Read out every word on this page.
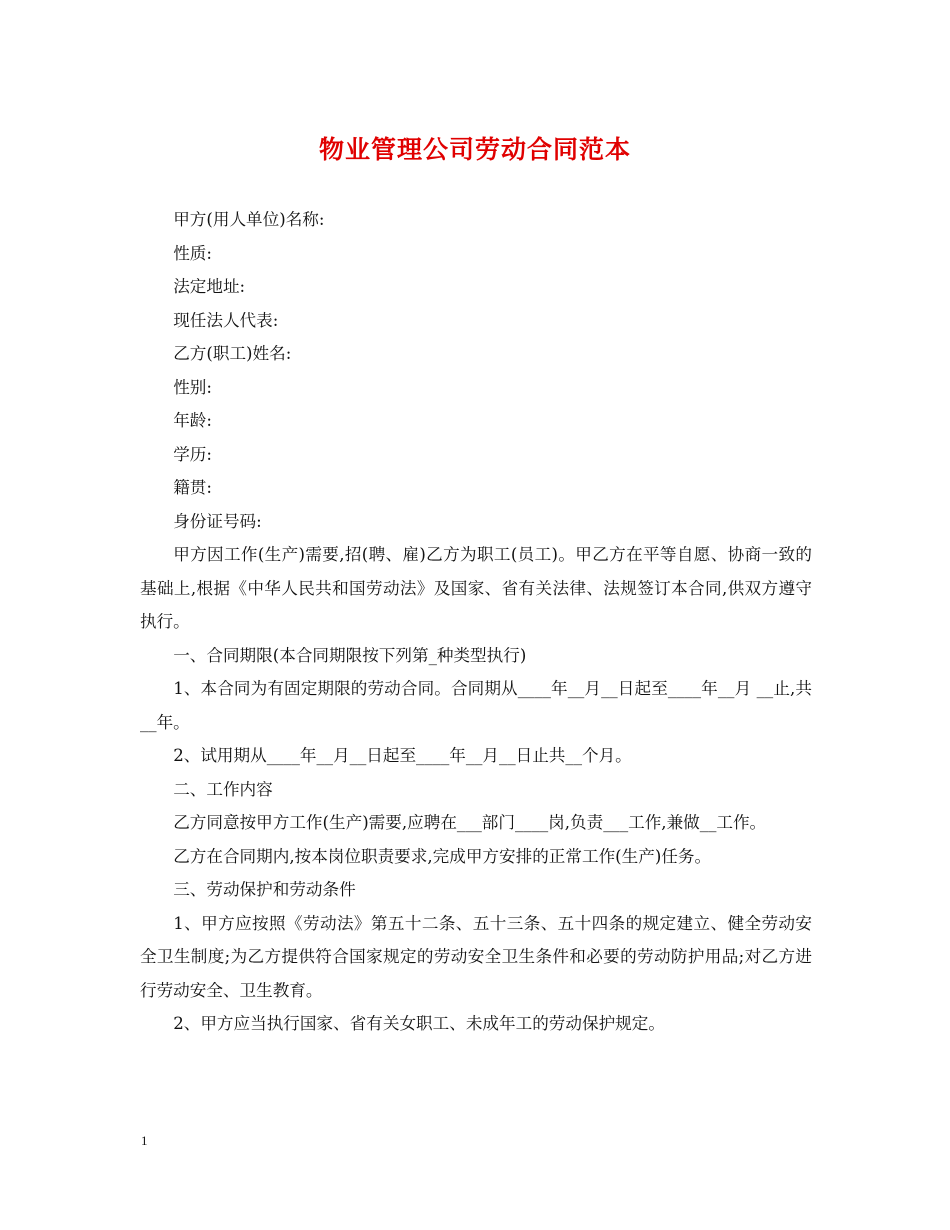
物业管理公司劳动合同范本

甲方(用人单位)名称:

性质:

法定地址:

现任法人代表:

乙方(职工)姓名:

性别:

年龄:

学历:

籍贯:

身份证号码:

甲方因工作(生产)需要,招(聘、雇)乙方为职工(员工)。甲乙方在平等自愿、协商一致的基础上,根据《中华人民共和国劳动法》及国家、省有关法律、法规签订本合同,供双方遵守执行。

一、合同期限(本合同期限按下列第_种类型执行)

1、本合同为有固定期限的劳动合同。合同期从____年__月__日起至____年__月 __止,共__年。

2、试用期从____年__月__日起至____年__月__日止共__个月。

二、工作内容

乙方同意按甲方工作(生产)需要,应聘在___部门____岗,负责___工作,兼做__工作。

乙方在合同期内,按本岗位职责要求,完成甲方安排的正常工作(生产)任务。

三、劳动保护和劳动条件

1、甲方应按照《劳动法》第五十二条、五十三条、五十四条的规定建立、健全劳动安全卫生制度;为乙方提供符合国家规定的劳动安全卫生条件和必要的劳动防护用品;对乙方进行劳动安全、卫生教育。

2、甲方应当执行国家、省有关女职工、未成年工的劳动保护规定。

1
